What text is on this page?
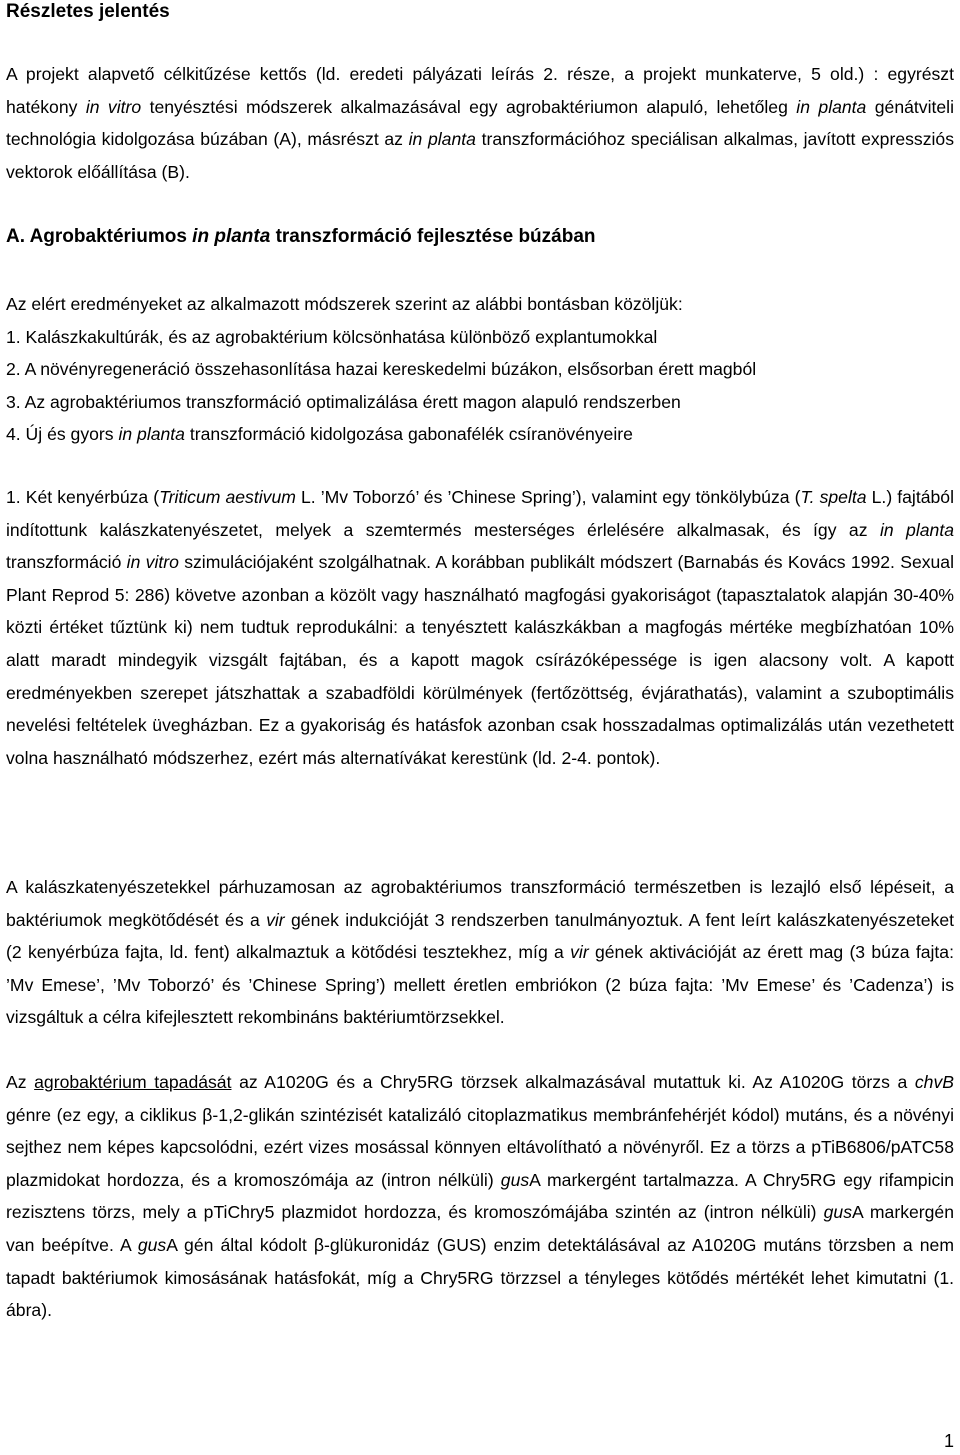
Részletes jelentés

A projekt alapvető célkitűzése kettős (ld. eredeti pályázati leírás 2. része, a projekt munkaterve, 5 old.) : egyrészt hatékony in vitro tenyésztési módszerek alkalmazásával egy agrobaktériumon alapuló, lehetőleg in planta génátviteli technológia kidolgozása búzában (A), másrészt az in planta transzformációhoz speciálisan alkalmas, javított expressziós vektorok előállítása (B).

A. Agrobaktériumos in planta transzformáció fejlesztése búzában
Az elért eredményeket az alkalmazott módszerek szerint az alábbi bontásban közöljük:
1. Kalászkakultúrák, és az agrobaktérium kölcsönhatása különböző explantumokkal
2. A növényregeneráció összehasonlítása hazai kereskedelmi búzákon, elsősorban érett magból
3. Az agrobaktériumos transzformáció optimalizálása érett magon alapuló rendszerben
4. Új és gyors in planta transzformáció kidolgozása gabonafélék csíranövényeire

1. Két kenyérbúza (Triticum aestivum L. ’Mv Toborzó’ és ’Chinese Spring’), valamint egy tönkölybúza (T. spelta L.) fajtából indítottunk kalászkatenyészetet, melyek a szemtermés mesterséges érlelésére alkalmasak, és így az in planta transzformáció in vitro szimulációjaként szolgálhatnak. A korábban publikált módszert (Barnabás és Kovács 1992. Sexual Plant Reprod 5: 286) követve azonban a közölt vagy használható magfogási gyakoriságot (tapasztalatok alapján 30-40% közti értéket tűztünk ki) nem tudtuk reprodukálni: a tenyésztett kalászkákban a magfogás mértéke megbízhatóan 10% alatt maradt mindegyik vizsgált fajtában, és a kapott magok csírázóképessége is igen alacsony volt. A kapott eredményekben szerepet játszhattak a szabadföldi körülmények (fertőzöttség, évjárathatás), valamint a szuboptimális nevelési feltételek üvegházban. Ez a gyakoriság és hatásfok azonban csak hosszadalmas optimalizálás után vezethetett volna használható módszerhez, ezért más alternatívákat kerestünk (ld. 2-4. pontok).

A kalászkatenyészetekkel párhuzamosan az agrobaktériumos transzformáció természetben is lezajló első lépéseit, a baktériumok megkötődését és a vir gének indukcióját 3 rendszerben tanulmányoztuk. A fent leírt kalászkatenyészeteket (2 kenyérbúza fajta, ld. fent) alkalmaztuk a kötődési tesztekhez, míg a vir gének aktivációját az érett mag (3 búza fajta: ’Mv Emese’, ’Mv Toborzó’ és ’Chinese Spring’) mellett éretlen embriókon (2 búza fajta: ’Mv Emese’ és ’Cadenza’) is vizsgáltuk a célra kifejlesztett rekombináns baktériumtörzsekkel.

Az agrobaktérium tapadását az A1020G és a Chry5RG törzsek alkalmazásával mutattuk ki. Az A1020G törzs a chvB génre (ez egy, a ciklikus β-1,2-glikán szintézisét katalizáló citoplazmatikus membránfehérjét kódol) mutáns, és a növényi sejthez nem képes kapcsolódni, ezért vizes mosással könnyen eltávolítható a növényről. Ez a törzs a pTiB6806/pATC58 plazmidokat hordozza, és a kromoszómája az (intron nélküli) gusA markergént tartalmazza. A Chry5RG egy rifampicin rezisztens törzs, mely a pTiChry5 plazmidot hordozza, és kromoszómájába szintén az (intron nélküli) gusA markergén van beépítve. A gusA gén által kódolt β-glükuronidáz (GUS) enzim detektálásával az A1020G mutáns törzsben a nem tapadt baktériumok kimosásának hatásfokát, míg a Chry5RG törzzsel a tényleges kötődés mértékét lehet kimutatni (1. ábra).

1
